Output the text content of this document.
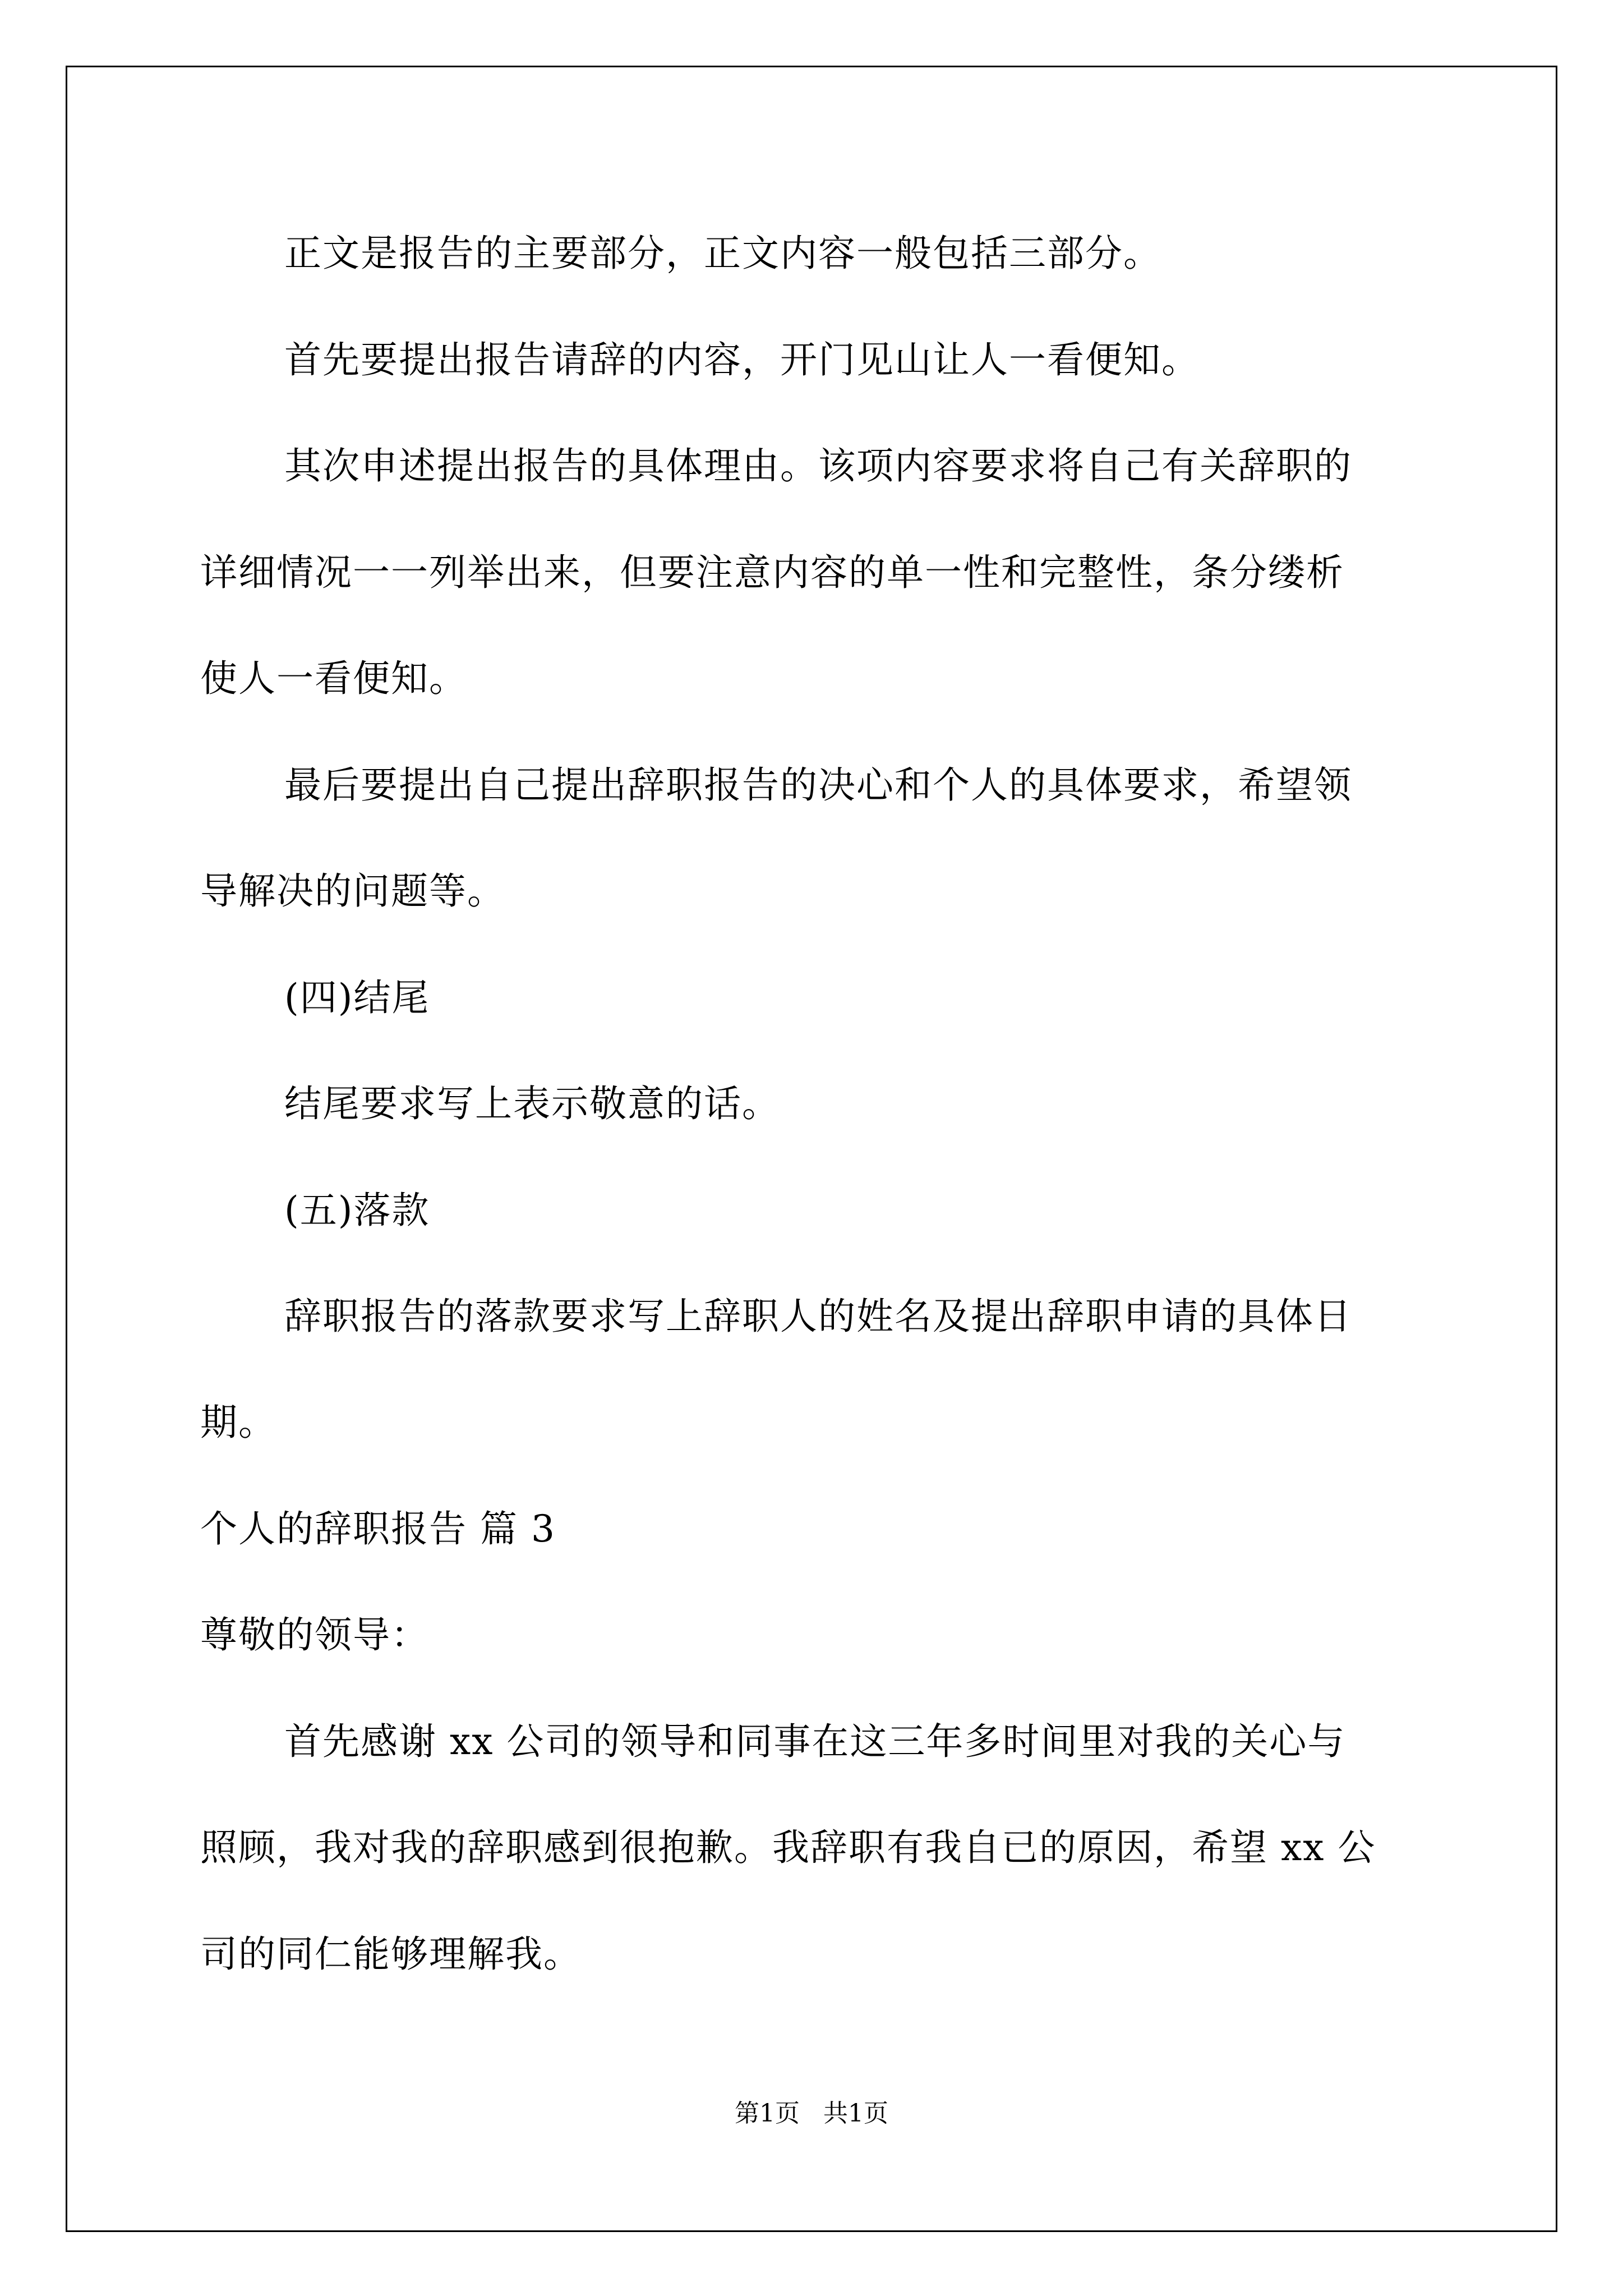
正文是报告的主要部分，正文内容一般包括三部分。
首先要提出报告请辞的内容，开门见山让人一看便知。
其次申述提出报告的具体理由。该项内容要求将自己有关辞职的
详细情况一一列举出来，但要注意内容的单一性和完整性，条分缕析
使人一看便知。
最后要提出自己提出辞职报告的决心和个人的具体要求，希望领
导解决的问题等。
(四)结尾
结尾要求写上表示敬意的话。
(五)落款
辞职报告的落款要求写上辞职人的姓名及提出辞职申请的具体日
期。
个人的辞职报告 篇 3
尊敬的领导：
首先感谢 xx 公司的领导和同事在这三年多时间里对我的关心与
照顾，我对我的辞职感到很抱歉。我辞职有我自已的原因，希望 xx 公
司的同仁能够理解我。
第1页   共1页
